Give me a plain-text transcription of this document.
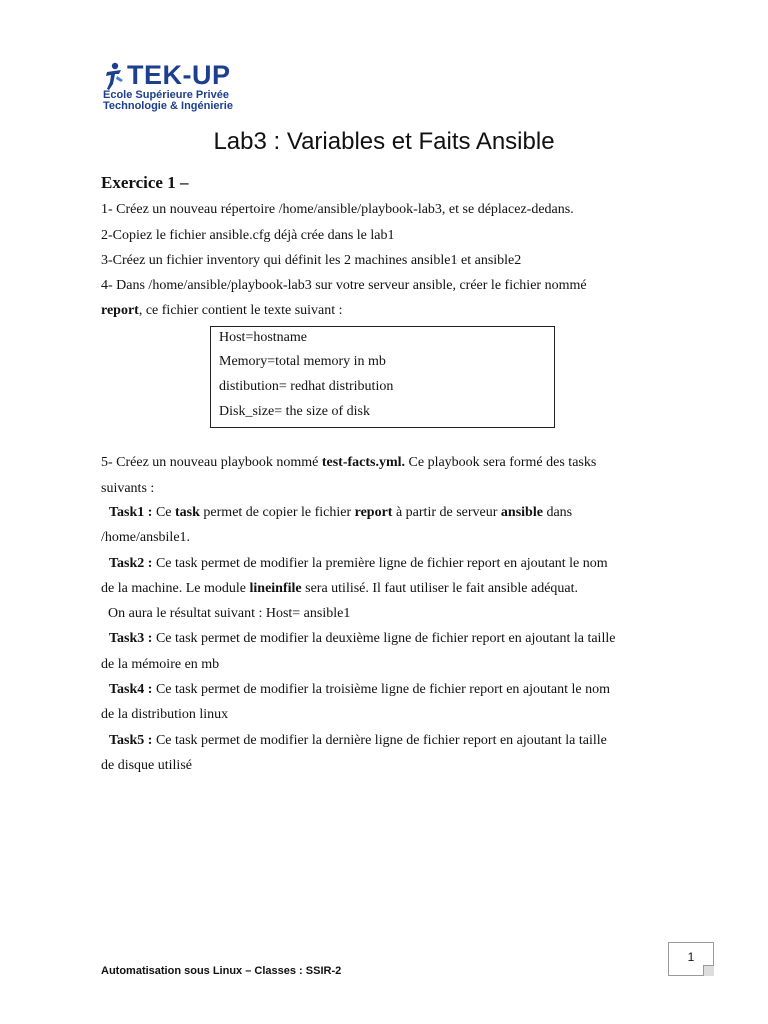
TEK-UP
Ecole Supérieure Privée
Technologie & Ingénierie
Lab3 : Variables et Faits Ansible
Exercice 1 –
1- Créez un nouveau répertoire /home/ansible/playbook-lab3, et se déplacez-dedans.
2-Copiez le fichier ansible.cfg déjà crée dans le lab1
3-Créez un fichier inventory qui définit les 2 machines ansible1 et ansible2
4- Dans /home/ansible/playbook-lab3 sur votre serveur ansible, créer le fichier nommé
report, ce fichier contient le texte suivant :
Host=hostname
Memory=total memory in mb
distibution= redhat distribution
Disk_size= the size of disk
5- Créez un nouveau playbook nommé test-facts.yml. Ce playbook sera formé des tasks
suivants :
Task1 : Ce task permet de copier le fichier report à partir de serveur ansible dans
/home/ansbile1.
Task2 : Ce task permet de modifier la première ligne de fichier report en ajoutant le nom
de la machine. Le module lineinfile sera utilisé. Il faut utiliser le fait ansible adéquat.
On aura le résultat suivant : Host= ansible1
Task3 : Ce task permet de modifier la deuxième ligne de fichier report en ajoutant la taille
de la mémoire en mb
Task4 : Ce task permet de modifier la troisième ligne de fichier report en ajoutant le nom
de la distribution linux
Task5 : Ce task permet de modifier la dernière ligne de fichier report en ajoutant la taille
de disque utilisé
1
Automatisation sous Linux – Classes : SSIR-2
